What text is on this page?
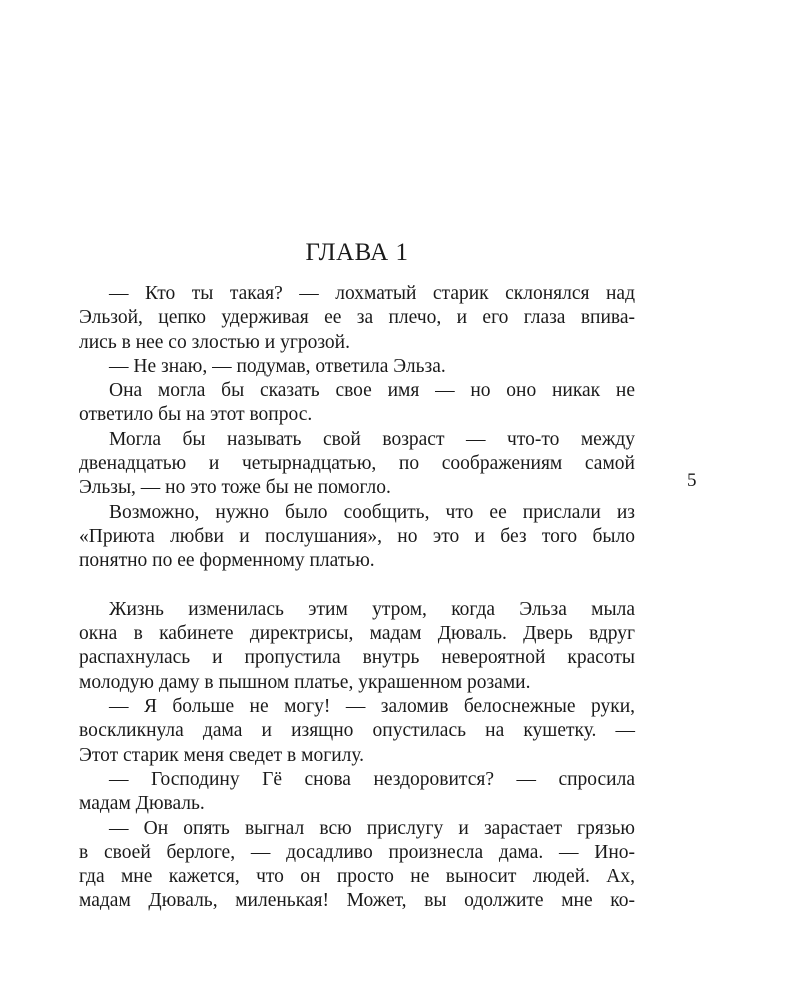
ГЛАВА 1
— Кто ты такая? — лохматый старик склонялся над
Эльзой, цепко удерживая ее за плечо, и его глаза впива-
лись в нее со злостью и угрозой.
— Не знаю, — подумав, ответила Эльза.
Она могла бы сказать свое имя — но оно никак не
ответило бы на этот вопрос.
Могла бы называть свой возраст — что-то между
двенадцатью и четырнадцатью, по соображениям самой
Эльзы, — но это тоже бы не помогло.
Возможно, нужно было сообщить, что ее прислали из
«Приюта любви и послушания», но это и без того было
понятно по ее форменному платью.
Жизнь изменилась этим утром, когда Эльза мыла
окна в кабинете директрисы, мадам Дюваль. Дверь вдруг
распахнулась и пропустила внутрь невероятной красоты
молодую даму в пышном платье, украшенном розами.
— Я больше не могу! — заломив белоснежные руки,
воскликнула дама и изящно опустилась на кушетку. —
Этот старик меня сведет в могилу.
— Господину Гё снова нездоровится? — спросила
мадам Дюваль.
— Он опять выгнал всю прислугу и зарастает грязью
в своей берлоге, — досадливо произнесла дама. — Ино-
гда мне кажется, что он просто не выносит людей. Ах,
мадам Дюваль, миленькая! Может, вы одолжите мне ко-
5
